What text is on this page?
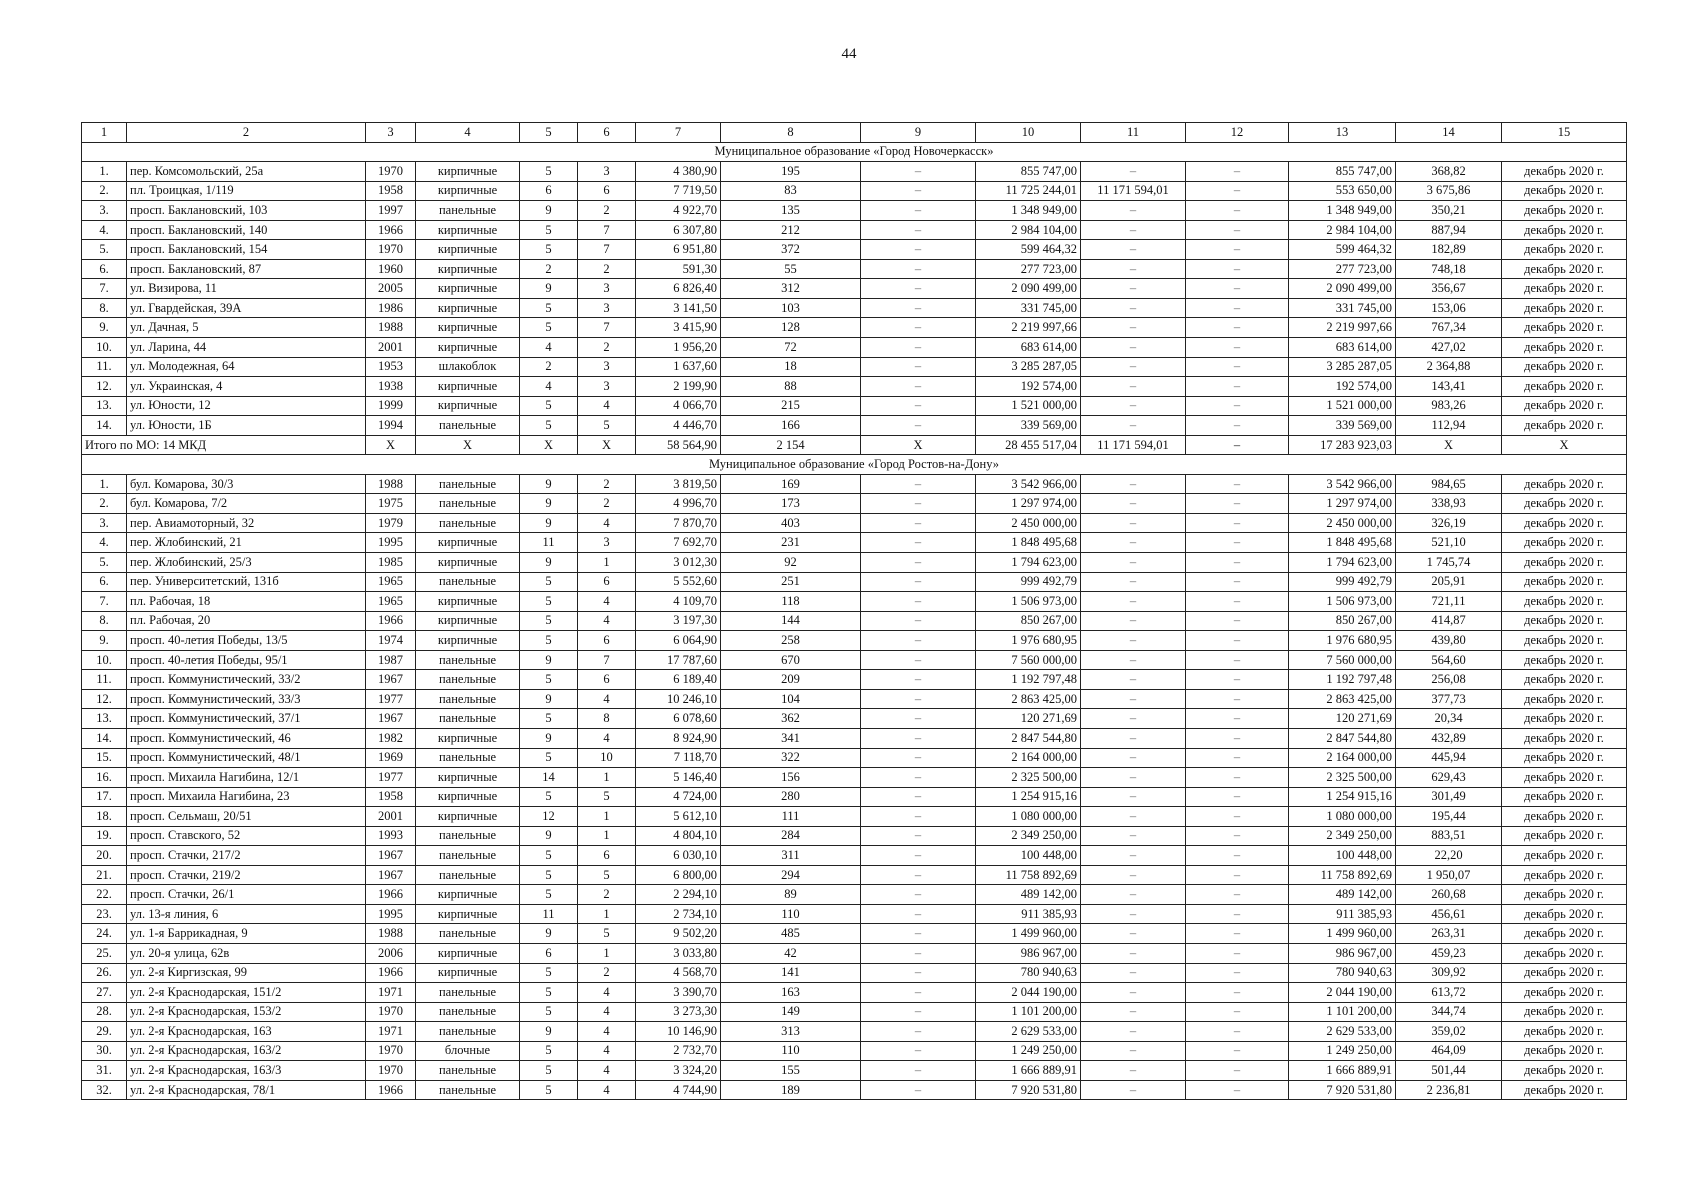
44
1	2	3	4	5	6	7	8	9	10	11	12	13	14	15
Муниципальное образование «Город Новочеркасск»														
1.	пер. Комсомольский, 25а	1970	кирпичные	5	3	4 380,90	195	–	855 747,00	–	–	855 747,00	368,82	декабрь 2020 г.
2.	пл. Троицкая, 1/119	1958	кирпичные	6	6	7 719,50	83	–	11 725 244,01	11 171 594,01	–	553 650,00	3 675,86	декабрь 2020 г.
3.	просп. Баклановский, 103	1997	панельные	9	2	4 922,70	135	–	1 348 949,00	–	–	1 348 949,00	350,21	декабрь 2020 г.
4.	просп. Баклановский, 140	1966	кирпичные	5	7	6 307,80	212	–	2 984 104,00	–	–	2 984 104,00	887,94	декабрь 2020 г.
5.	просп. Баклановский, 154	1970	кирпичные	5	7	6 951,80	372	–	599 464,32	–	–	599 464,32	182,89	декабрь 2020 г.
6.	просп. Баклановский, 87	1960	кирпичные	2	2	591,30	55	–	277 723,00	–	–	277 723,00	748,18	декабрь 2020 г.
7.	ул. Визирова, 11	2005	кирпичные	9	3	6 826,40	312	–	2 090 499,00	–	–	2 090 499,00	356,67	декабрь 2020 г.
8.	ул. Гвардейская, 39А	1986	кирпичные	5	3	3 141,50	103	–	331 745,00	–	–	331 745,00	153,06	декабрь 2020 г.
9.	ул. Дачная, 5	1988	кирпичные	5	7	3 415,90	128	–	2 219 997,66	–	–	2 219 997,66	767,34	декабрь 2020 г.
10.	ул. Ларина, 44	2001	кирпичные	4	2	1 956,20	72	–	683 614,00	–	–	683 614,00	427,02	декабрь 2020 г.
11.	ул. Молодежная, 64	1953	шлакоблок	2	3	1 637,60	18	–	3 285 287,05	–	–	3 285 287,05	2 364,88	декабрь 2020 г.
12.	ул. Украинская, 4	1938	кирпичные	4	3	2 199,90	88	–	192 574,00	–	–	192 574,00	143,41	декабрь 2020 г.
13.	ул. Юности, 12	1999	кирпичные	5	4	4 066,70	215	–	1 521 000,00	–	–	1 521 000,00	983,26	декабрь 2020 г.
14.	ул. Юности, 1Б	1994	панельные	5	5	4 446,70	166	–	339 569,00	–	–	339 569,00	112,94	декабрь 2020 г.
Итого по МО: 14 МКД		X	X	X	X	58 564,90	2 154	X	28 455 517,04	11 171 594,01	–	17 283 923,03	X	X
Муниципальное образование «Город Ростов-на-Дону»														
1.	бул. Комарова, 30/3	1988	панельные	9	2	3 819,50	169	–	3 542 966,00	–	–	3 542 966,00	984,65	декабрь 2020 г.
2.	бул. Комарова, 7/2	1975	панельные	9	2	4 996,70	173	–	1 297 974,00	–	–	1 297 974,00	338,93	декабрь 2020 г.
3.	пер. Авиамоторный, 32	1979	панельные	9	4	7 870,70	403	–	2 450 000,00	–	–	2 450 000,00	326,19	декабрь 2020 г.
4.	пер. Жлобинский, 21	1995	кирпичные	11	3	7 692,70	231	–	1 848 495,68	–	–	1 848 495,68	521,10	декабрь 2020 г.
5.	пер. Жлобинский, 25/3	1985	кирпичные	9	1	3 012,30	92	–	1 794 623,00	–	–	1 794 623,00	1 745,74	декабрь 2020 г.
6.	пер. Университетский, 131б	1965	панельные	5	6	5 552,60	251	–	999 492,79	–	–	999 492,79	205,91	декабрь 2020 г.
7.	пл. Рабочая, 18	1965	кирпичные	5	4	4 109,70	118	–	1 506 973,00	–	–	1 506 973,00	721,11	декабрь 2020 г.
8.	пл. Рабочая, 20	1966	кирпичные	5	4	3 197,30	144	–	850 267,00	–	–	850 267,00	414,87	декабрь 2020 г.
9.	просп. 40-летия Победы, 13/5	1974	кирпичные	5	6	6 064,90	258	–	1 976 680,95	–	–	1 976 680,95	439,80	декабрь 2020 г.
10.	просп. 40-летия Победы, 95/1	1987	панельные	9	7	17 787,60	670	–	7 560 000,00	–	–	7 560 000,00	564,60	декабрь 2020 г.
11.	просп. Коммунистический, 33/2	1967	панельные	5	6	6 189,40	209	–	1 192 797,48	–	–	1 192 797,48	256,08	декабрь 2020 г.
12.	просп. Коммунистический, 33/3	1977	панельные	9	4	10 246,10	104	–	2 863 425,00	–	–	2 863 425,00	377,73	декабрь 2020 г.
13.	просп. Коммунистический, 37/1	1967	панельные	5	8	6 078,60	362	–	120 271,69	–	–	120 271,69	20,34	декабрь 2020 г.
14.	просп. Коммунистический, 46	1982	кирпичные	9	4	8 924,90	341	–	2 847 544,80	–	–	2 847 544,80	432,89	декабрь 2020 г.
15.	просп. Коммунистический, 48/1	1969	панельные	5	10	7 118,70	322	–	2 164 000,00	–	–	2 164 000,00	445,94	декабрь 2020 г.
16.	просп. Михаила Нагибина, 12/1	1977	кирпичные	14	1	5 146,40	156	–	2 325 500,00	–	–	2 325 500,00	629,43	декабрь 2020 г.
17.	просп. Михаила Нагибина, 23	1958	кирпичные	5	5	4 724,00	280	–	1 254 915,16	–	–	1 254 915,16	301,49	декабрь 2020 г.
18.	просп. Сельмаш, 20/51	2001	кирпичные	12	1	5 612,10	111	–	1 080 000,00	–	–	1 080 000,00	195,44	декабрь 2020 г.
19.	просп. Ставского, 52	1993	панельные	9	1	4 804,10	284	–	2 349 250,00	–	–	2 349 250,00	883,51	декабрь 2020 г.
20.	просп. Стачки, 217/2	1967	панельные	5	6	6 030,10	311	–	100 448,00	–	–	100 448,00	22,20	декабрь 2020 г.
21.	просп. Стачки, 219/2	1967	панельные	5	5	6 800,00	294	–	11 758 892,69	–	–	11 758 892,69	1 950,07	декабрь 2020 г.
22.	просп. Стачки, 26/1	1966	кирпичные	5	2	2 294,10	89	–	489 142,00	–	–	489 142,00	260,68	декабрь 2020 г.
23.	ул. 13-я линия, 6	1995	кирпичные	11	1	2 734,10	110	–	911 385,93	–	–	911 385,93	456,61	декабрь 2020 г.
24.	ул. 1-я Баррикадная, 9	1988	панельные	9	5	9 502,20	485	–	1 499 960,00	–	–	1 499 960,00	263,31	декабрь 2020 г.
25.	ул. 20-я улица, 62в	2006	кирпичные	6	1	3 033,80	42	–	986 967,00	–	–	986 967,00	459,23	декабрь 2020 г.
26.	ул. 2-я Киргизская, 99	1966	кирпичные	5	2	4 568,70	141	–	780 940,63	–	–	780 940,63	309,92	декабрь 2020 г.
27.	ул. 2-я Краснодарская, 151/2	1971	панельные	5	4	3 390,70	163	–	2 044 190,00	–	–	2 044 190,00	613,72	декабрь 2020 г.
28.	ул. 2-я Краснодарская, 153/2	1970	панельные	5	4	3 273,30	149	–	1 101 200,00	–	–	1 101 200,00	344,74	декабрь 2020 г.
29.	ул. 2-я Краснодарская, 163	1971	панельные	9	4	10 146,90	313	–	2 629 533,00	–	–	2 629 533,00	359,02	декабрь 2020 г.
30.	ул. 2-я Краснодарская, 163/2	1970	блочные	5	4	2 732,70	110	–	1 249 250,00	–	–	1 249 250,00	464,09	декабрь 2020 г.
31.	ул. 2-я Краснодарская, 163/3	1970	панельные	5	4	3 324,20	155	–	1 666 889,91	–	–	1 666 889,91	501,44	декабрь 2020 г.
32.	ул. 2-я Краснодарская, 78/1	1966	панельные	5	4	4 744,90	189	–	7 920 531,80	–	–	7 920 531,80	2 236,81	декабрь 2020 г.
